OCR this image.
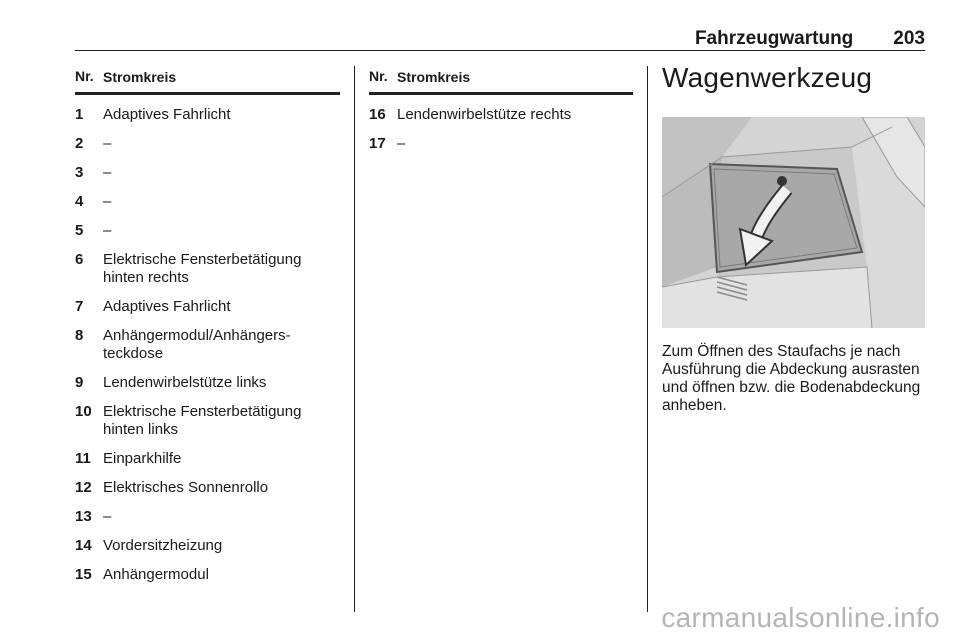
Fahrzeugwartung 203
Nr. Stromkreis
1	Adaptives Fahrlicht
2	–
3	–
4	–
5	–
6	Elektrische Fensterbetätigung hinten rechts
7	Adaptives Fahrlicht
8	Anhängermodul/Anhängersteckdose
9	Lendenwirbelstütze links
10 Elektrische Fensterbetätigung hinten links
11 Einparkhilfe
12 Elektrisches Sonnenrollo
13 –
14 Vordersitzheizung
15 Anhängermodul
Nr. Stromkreis
16 Lendenwirbelstütze rechts
17 –
Wagenwerkzeug
Zum Öffnen des Staufachs je nach Ausführung die Abdeckung ausrasten und öffnen bzw. die Bodenabdeckung anheben.
carmanualsonline.info
